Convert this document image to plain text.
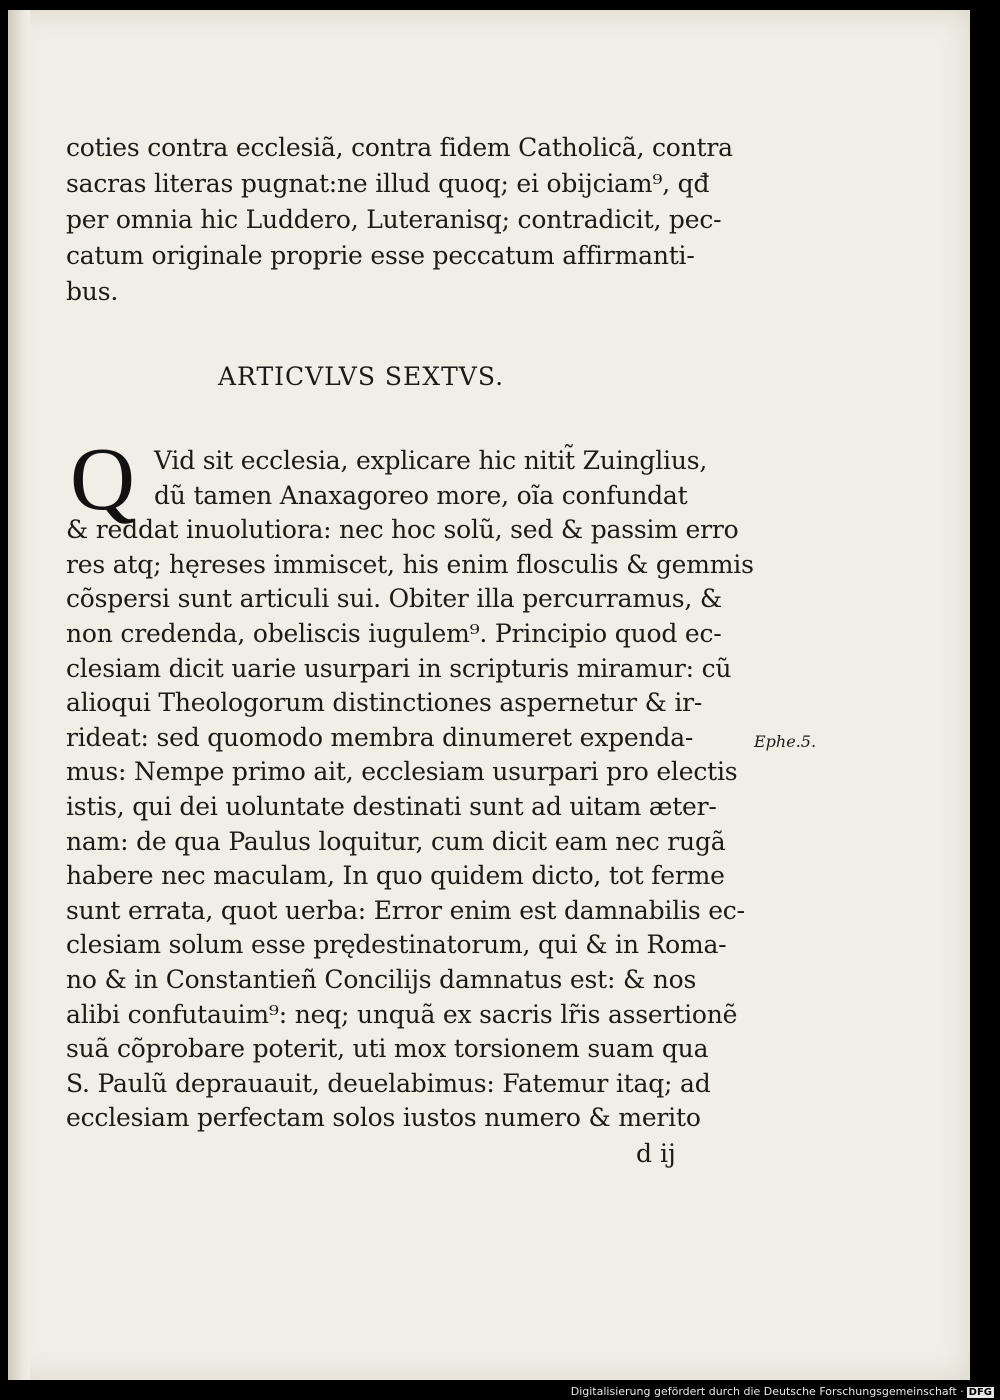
coties contra ecclesiã, contra fidem Catholicã, contra
sacras literas pugnat:ne illud quoq; ei obijciam⁹, qđ
per omnia hic Luddero, Luteranisq; contradicit, pec-
catum originale proprie esse peccatum affirmanti-
bus.
ARTICVLVS SEXTVS.
Q Vid sit ecclesia, explicare hic nitit̃ Zuinglius,
dũ tamen Anaxagoreo more, oĩa confundat
& reddat inuolutiora: nec hoc solũ, sed & passim erro
res atq; hęreses immiscet, his enim flosculis & gemmis
cõspersi sunt articuli sui. Obiter illa percurramus, &
non credenda, obeliscis iugulem⁹. Principio quod ec-
clesiam dicit uarie usurpari in scripturis miramur: cũ
alioqui Theologorum distinctiones aspernetur & ir-
rideat: sed quomodo membra dinumeret expenda-
mus: Nempe primo ait, ecclesiam usurpari pro electis
istis, qui dei uoluntate destinati sunt ad uitam æter-
nam: de qua Paulus loquitur, cum dicit eam nec rugã
habere nec maculam, In quo quidem dicto, tot ferme
sunt errata, quot uerba: Error enim est damnabilis ec-
clesiam solum esse prędestinatorum, qui & in Roma-
no & in Constantieñ Concilijs damnatus est: & nos
alibi confutauim⁹: neq; unquã ex sacris lr̃is assertionẽ
suã cõprobare poterit, uti mox torsionem suam qua
S. Paulũ deprauauit, deuelabimus: Fatemur itaq; ad
ecclesiam perfectam solos iustos numero & merito
d ij
Ephe.5.
Digitalisierung gefördert durch die Deutsche Forschungsgemeinschaft · DFG
